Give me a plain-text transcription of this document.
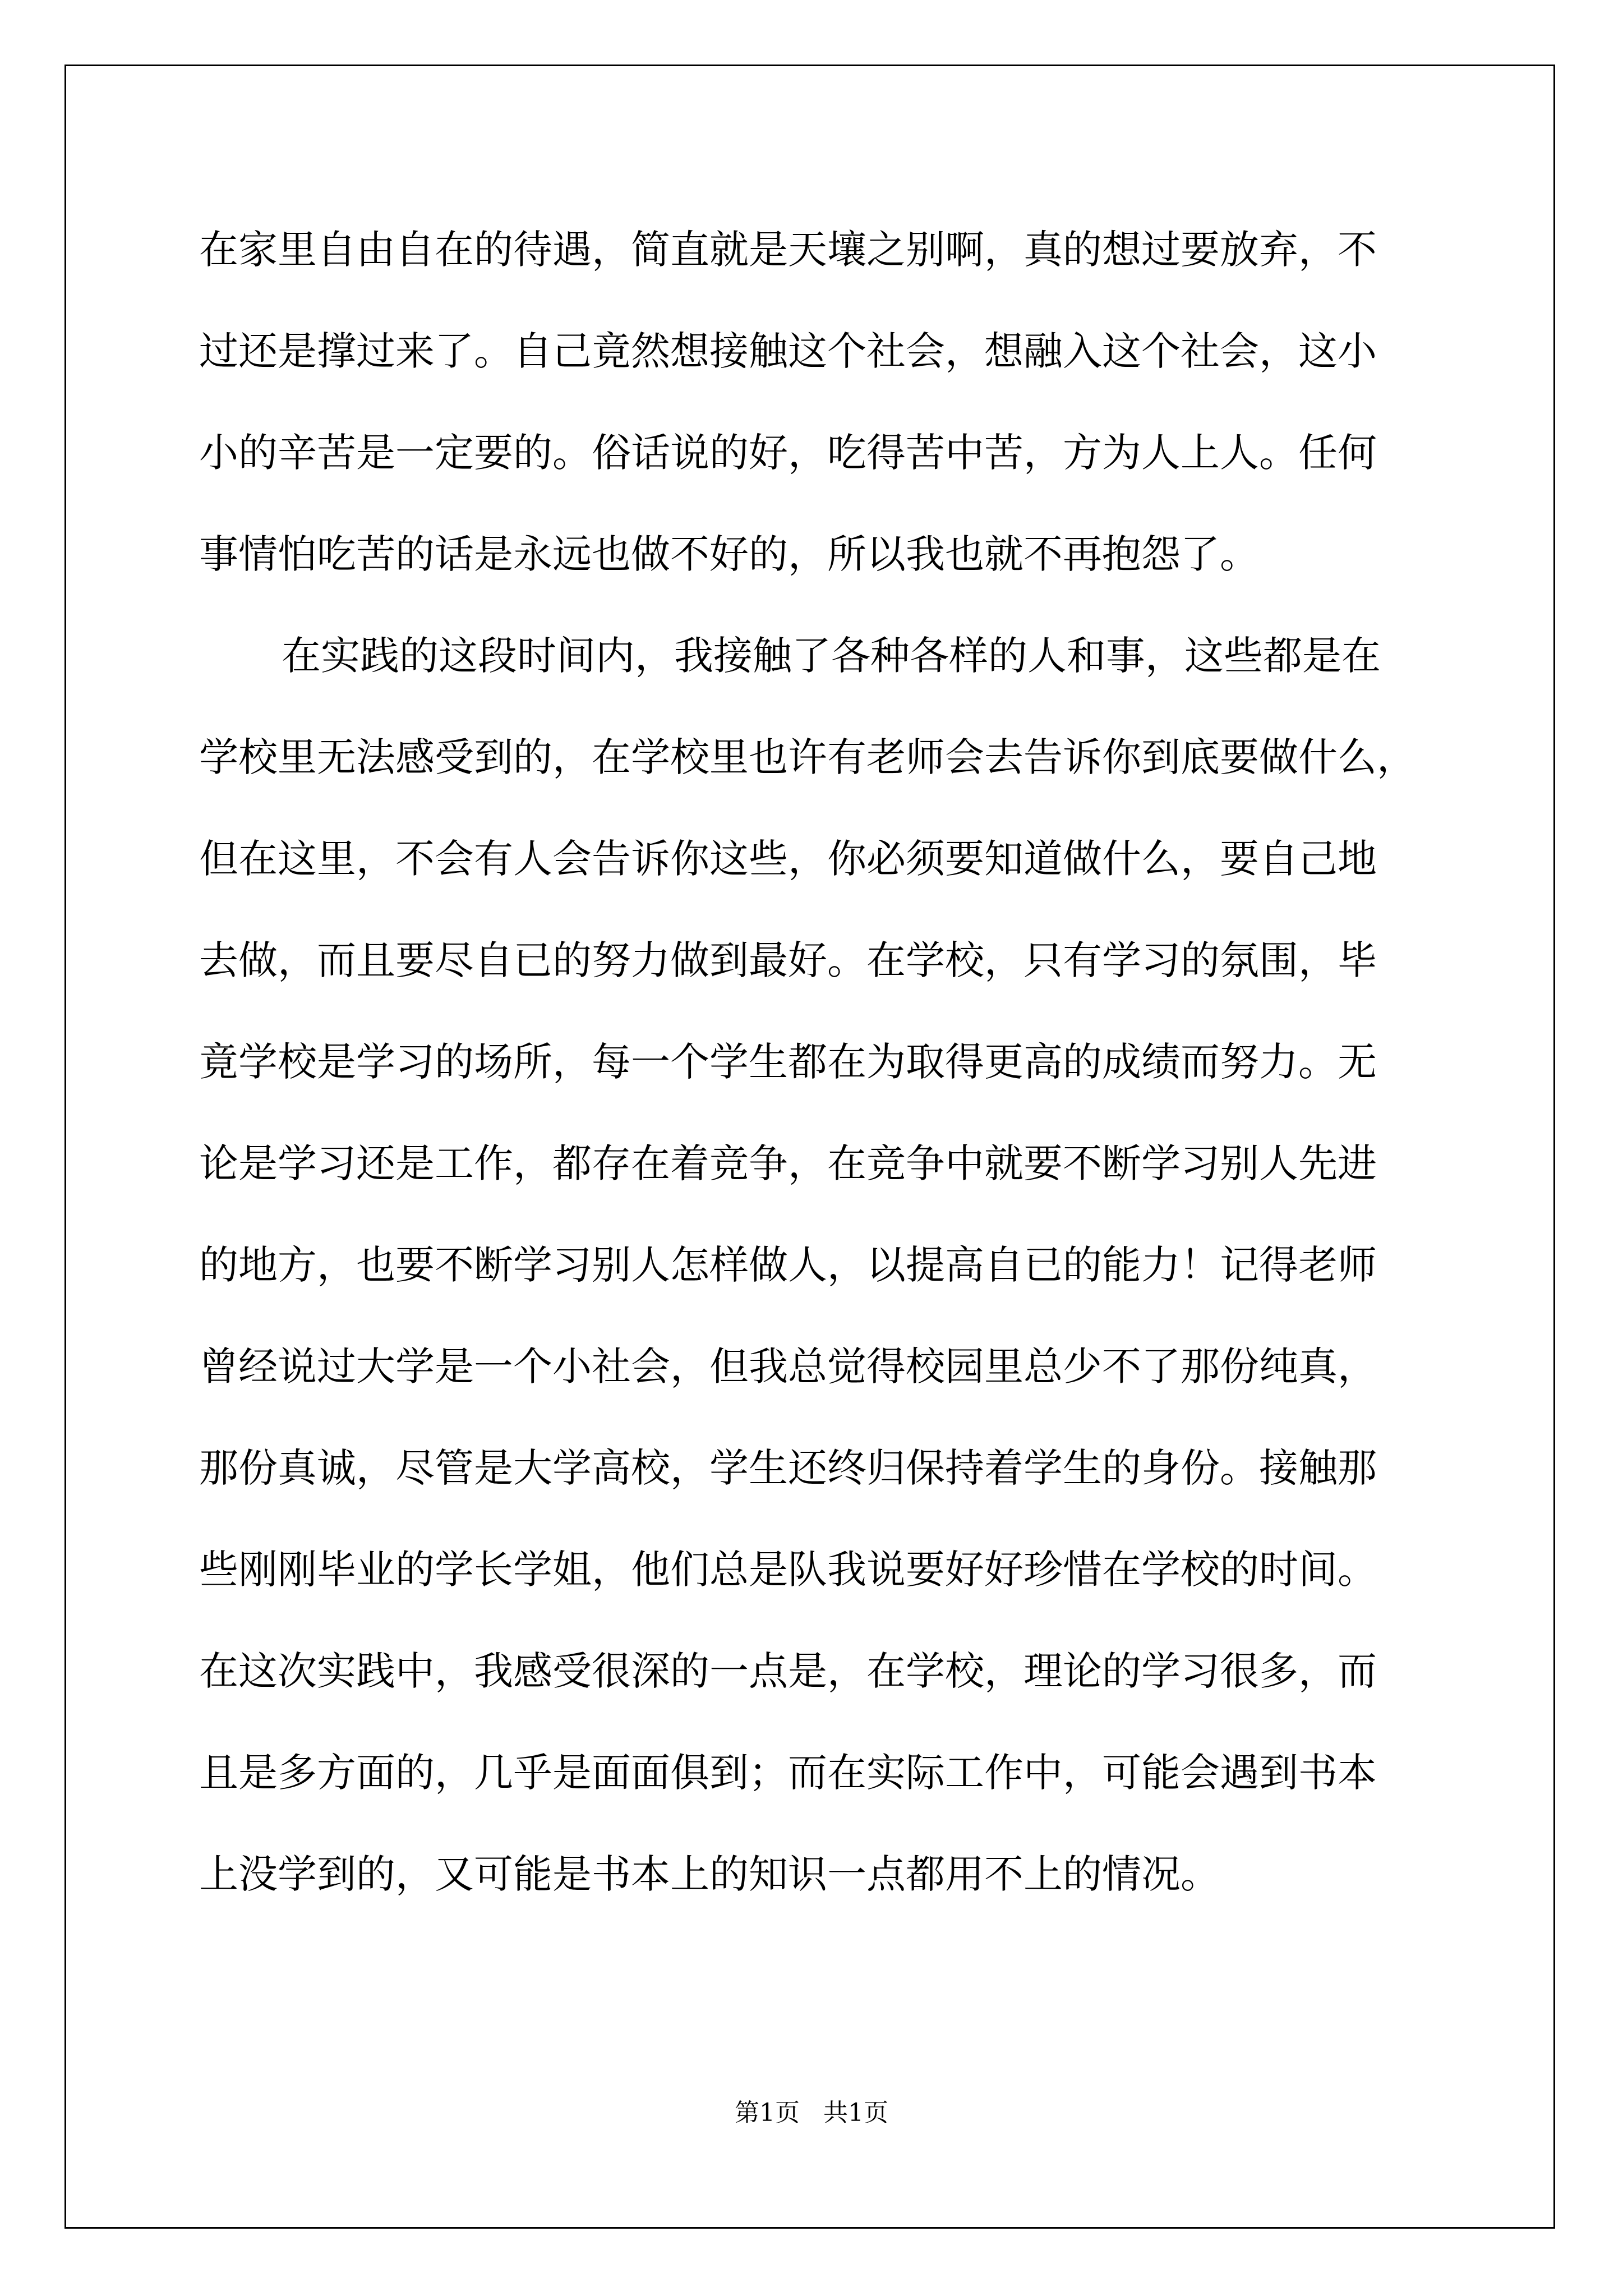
在家里自由自在的待遇，简直就是天壤之别啊，真的想过要放弃，不
过还是撑过来了。自己竟然想接触这个社会，想融入这个社会，这小
小的辛苦是一定要的。俗话说的好，吃得苦中苦，方为人上人。任何
事情怕吃苦的话是永远也做不好的，所以我也就不再抱怨了。
在实践的这段时间内，我接触了各种各样的人和事，这些都是在
学校里无法感受到的，在学校里也许有老师会去告诉你到底要做什么，
但在这里，不会有人会告诉你这些，你必须要知道做什么，要自己地
去做，而且要尽自已的努力做到最好。在学校，只有学习的氛围，毕
竟学校是学习的场所，每一个学生都在为取得更高的成绩而努力。无
论是学习还是工作，都存在着竞争，在竞争中就要不断学习别人先进
的地方，也要不断学习别人怎样做人，以提高自已的能力！记得老师
曾经说过大学是一个小社会，但我总觉得校园里总少不了那份纯真，
那份真诚，尽管是大学高校，学生还终归保持着学生的身份。接触那
些刚刚毕业的学长学姐，他们总是队我说要好好珍惜在学校的时间。
在这次实践中，我感受很深的一点是，在学校，理论的学习很多，而
且是多方面的，几乎是面面俱到；而在实际工作中，可能会遇到书本
上没学到的，又可能是书本上的知识一点都用不上的情况。
第1页   共1页
